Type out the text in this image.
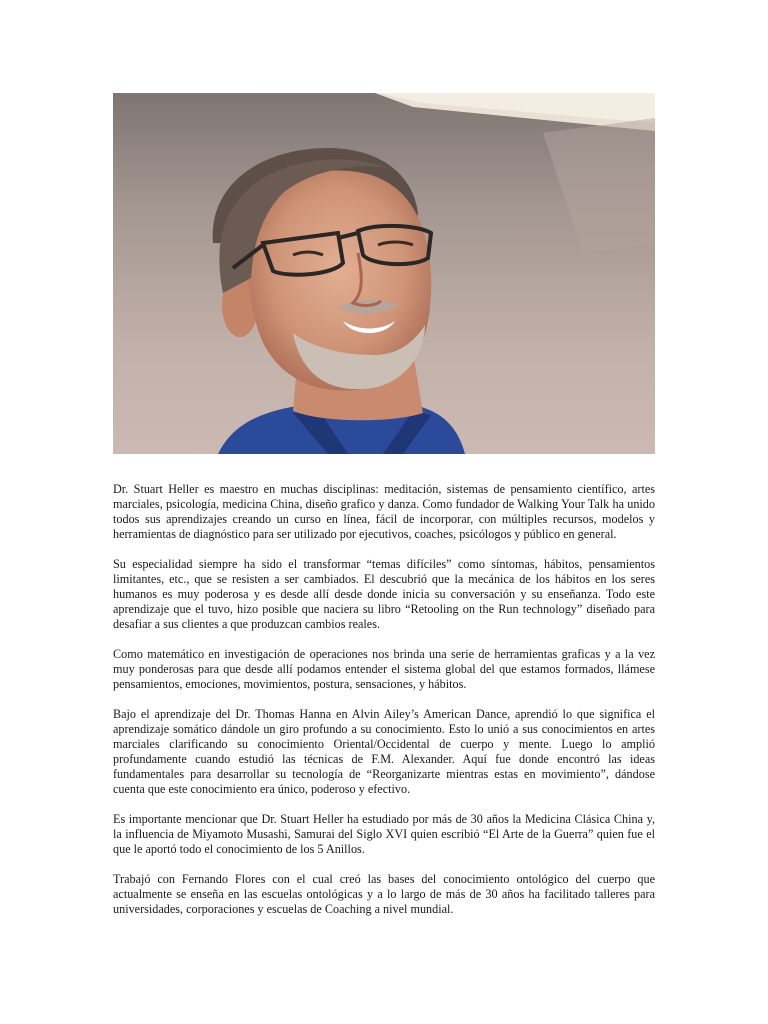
Dr. Stuart Heller es maestro en muchas disciplinas: meditación, sistemas de pensamiento científico, artes marciales, psicología, medicina China, diseño grafico y danza. Como fundador de Walking Your Talk ha unido todos sus aprendizajes creando un curso en línea, fácil de incorporar, con múltiples recursos, modelos y herramientas de diagnóstico para ser utilizado por ejecutivos, coaches, psicólogos y público en general.

Su especialidad siempre ha sido el transformar “temas difíciles” como síntomas, hábitos, pensamientos limitantes, etc., que se resisten a ser cambiados. El descubrió que la mecánica de los hábitos en los seres humanos es muy poderosa y es desde allí desde donde inicia su conversación y su enseñanza. Todo este aprendizaje que el tuvo, hizo posible que naciera su libro “Retooling on the Run technology” diseñado para desafiar a sus clientes a que produzcan cambios reales.

Como matemático en investigación de operaciones nos brinda una serie de herramientas graficas y a la vez muy ponderosas para que desde allí podamos entender el sistema global del que estamos formados, llámese pensamientos, emociones, movimientos, postura, sensaciones, y hábitos.

Bajo el aprendizaje del Dr. Thomas Hanna en Alvin Ailey’s American Dance, aprendió lo que significa el aprendizaje somático dándole un giro profundo a su conocimiento. Esto lo unió a sus conocimientos en artes marciales clarificando su conocimiento Oriental/Occidental de cuerpo y mente. Luego lo amplió profundamente cuando estudió las técnicas de F.M. Alexander. Aquí fue donde encontró las ideas fundamentales para desarrollar su tecnología de “Reorganizarte mientras estas en movimiento”, dándose cuenta que este conocimiento era único, poderoso y efectivo.

Es importante mencionar que Dr. Stuart Heller ha estudiado por más de 30 años la Medicina Clásica China y, la influencia de Miyamoto Musashi, Samurai del Siglo XVI quien escribió “El Arte de la Guerra” quien fue el que le aportó todo el conocimiento de los 5 Anillos.

Trabajó con Fernando Flores con el cual creó las bases del conocimiento ontológico del cuerpo que actualmente se enseña en las escuelas ontológicas y a lo largo de más de 30 años ha facilitado talleres para universidades, corporaciones y escuelas de Coaching a nivel mundial.
